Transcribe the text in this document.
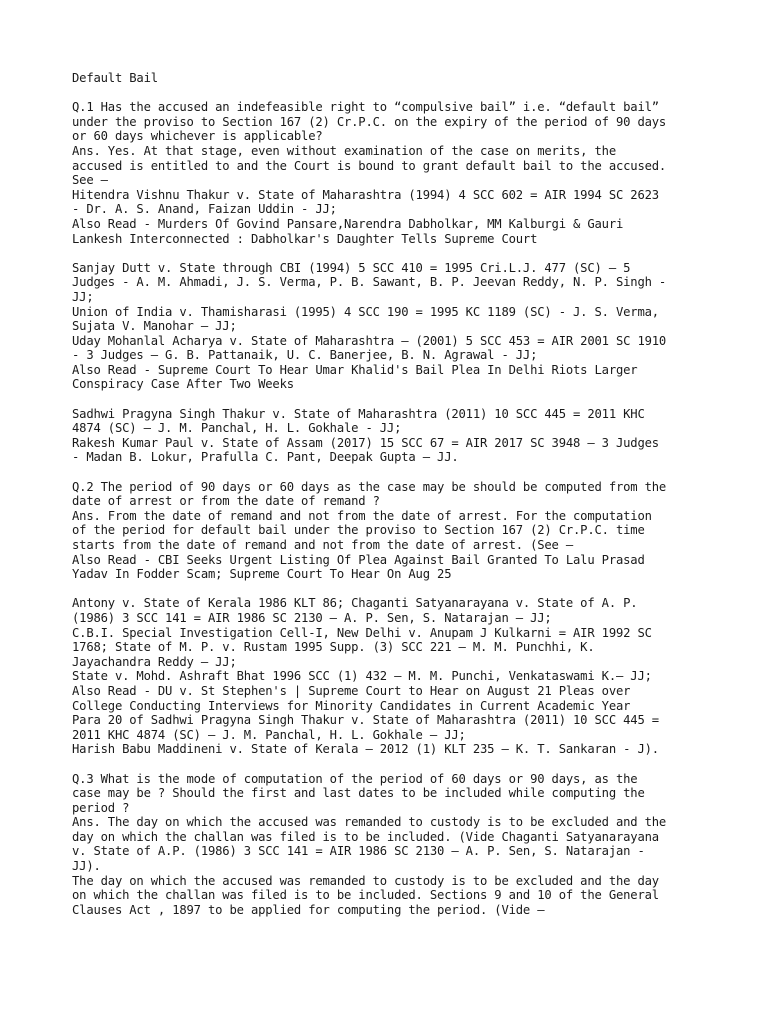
Default Bail
Q.1 Has the accused an indefeasible right to “compulsive bail” i.e. “default bail”
under the proviso to Section 167 (2) Cr.P.C. on the expiry of the period of 90 days
or 60 days whichever is applicable?
Ans. Yes. At that stage, even without examination of the case on merits, the
accused is entitled to and the Court is bound to grant default bail to the accused.
See –
Hitendra Vishnu Thakur v. State of Maharashtra (1994) 4 SCC 602 = AIR 1994 SC 2623
- Dr. A. S. Anand, Faizan Uddin - JJ;
Also Read - Murders Of Govind Pansare,Narendra Dabholkar, MM Kalburgi & Gauri
Lankesh Interconnected : Dabholkar's Daughter Tells Supreme Court
Sanjay Dutt v. State through CBI (1994) 5 SCC 410 = 1995 Cri.L.J. 477 (SC) – 5
Judges - A. M. Ahmadi, J. S. Verma, P. B. Sawant, B. P. Jeevan Reddy, N. P. Singh -
JJ;
Union of India v. Thamisharasi (1995) 4 SCC 190 = 1995 KC 1189 (SC) - J. S. Verma,
Sujata V. Manohar – JJ;
Uday Mohanlal Acharya v. State of Maharashtra – (2001) 5 SCC 453 = AIR 2001 SC 1910
- 3 Judges – G. B. Pattanaik, U. C. Banerjee, B. N. Agrawal - JJ;
Also Read - Supreme Court To Hear Umar Khalid's Bail Plea In Delhi Riots Larger
Conspiracy Case After Two Weeks
Sadhwi Pragyna Singh Thakur v. State of Maharashtra (2011) 10 SCC 445 = 2011 KHC
4874 (SC) – J. M. Panchal, H. L. Gokhale - JJ;
Rakesh Kumar Paul v. State of Assam (2017) 15 SCC 67 = AIR 2017 SC 3948 – 3 Judges
- Madan B. Lokur, Prafulla C. Pant, Deepak Gupta – JJ.
Q.2 The period of 90 days or 60 days as the case may be should be computed from the
date of arrest or from the date of remand ?
Ans. From the date of remand and not from the date of arrest. For the computation
of the period for default bail under the proviso to Section 167 (2) Cr.P.C. time
starts from the date of remand and not from the date of arrest. (See –
Also Read - CBI Seeks Urgent Listing Of Plea Against Bail Granted To Lalu Prasad
Yadav In Fodder Scam; Supreme Court To Hear On Aug 25
Antony v. State of Kerala 1986 KLT 86; Chaganti Satyanarayana v. State of A. P.
(1986) 3 SCC 141 = AIR 1986 SC 2130 – A. P. Sen, S. Natarajan – JJ;
C.B.I. Special Investigation Cell-I, New Delhi v. Anupam J Kulkarni = AIR 1992 SC
1768; State of M. P. v. Rustam 1995 Supp. (3) SCC 221 – M. M. Punchhi, K.
Jayachandra Reddy – JJ;
State v. Mohd. Ashraft Bhat 1996 SCC (1) 432 – M. M. Punchi, Venkataswami K.– JJ;
Also Read - DU v. St Stephen's | Supreme Court to Hear on August 21 Pleas over
College Conducting Interviews for Minority Candidates in Current Academic Year
Para 20 of Sadhwi Pragyna Singh Thakur v. State of Maharashtra (2011) 10 SCC 445 =
2011 KHC 4874 (SC) – J. M. Panchal, H. L. Gokhale – JJ;
Harish Babu Maddineni v. State of Kerala – 2012 (1) KLT 235 – K. T. Sankaran - J).
Q.3 What is the mode of computation of the period of 60 days or 90 days, as the
case may be ? Should the first and last dates to be included while computing the
period ?
Ans. The day on which the accused was remanded to custody is to be excluded and the
day on which the challan was filed is to be included. (Vide Chaganti Satyanarayana
v. State of A.P. (1986) 3 SCC 141 = AIR 1986 SC 2130 – A. P. Sen, S. Natarajan -
JJ).
The day on which the accused was remanded to custody is to be excluded and the day
on which the challan was filed is to be included. Sections 9 and 10 of the General
Clauses Act , 1897 to be applied for computing the period. (Vide –
